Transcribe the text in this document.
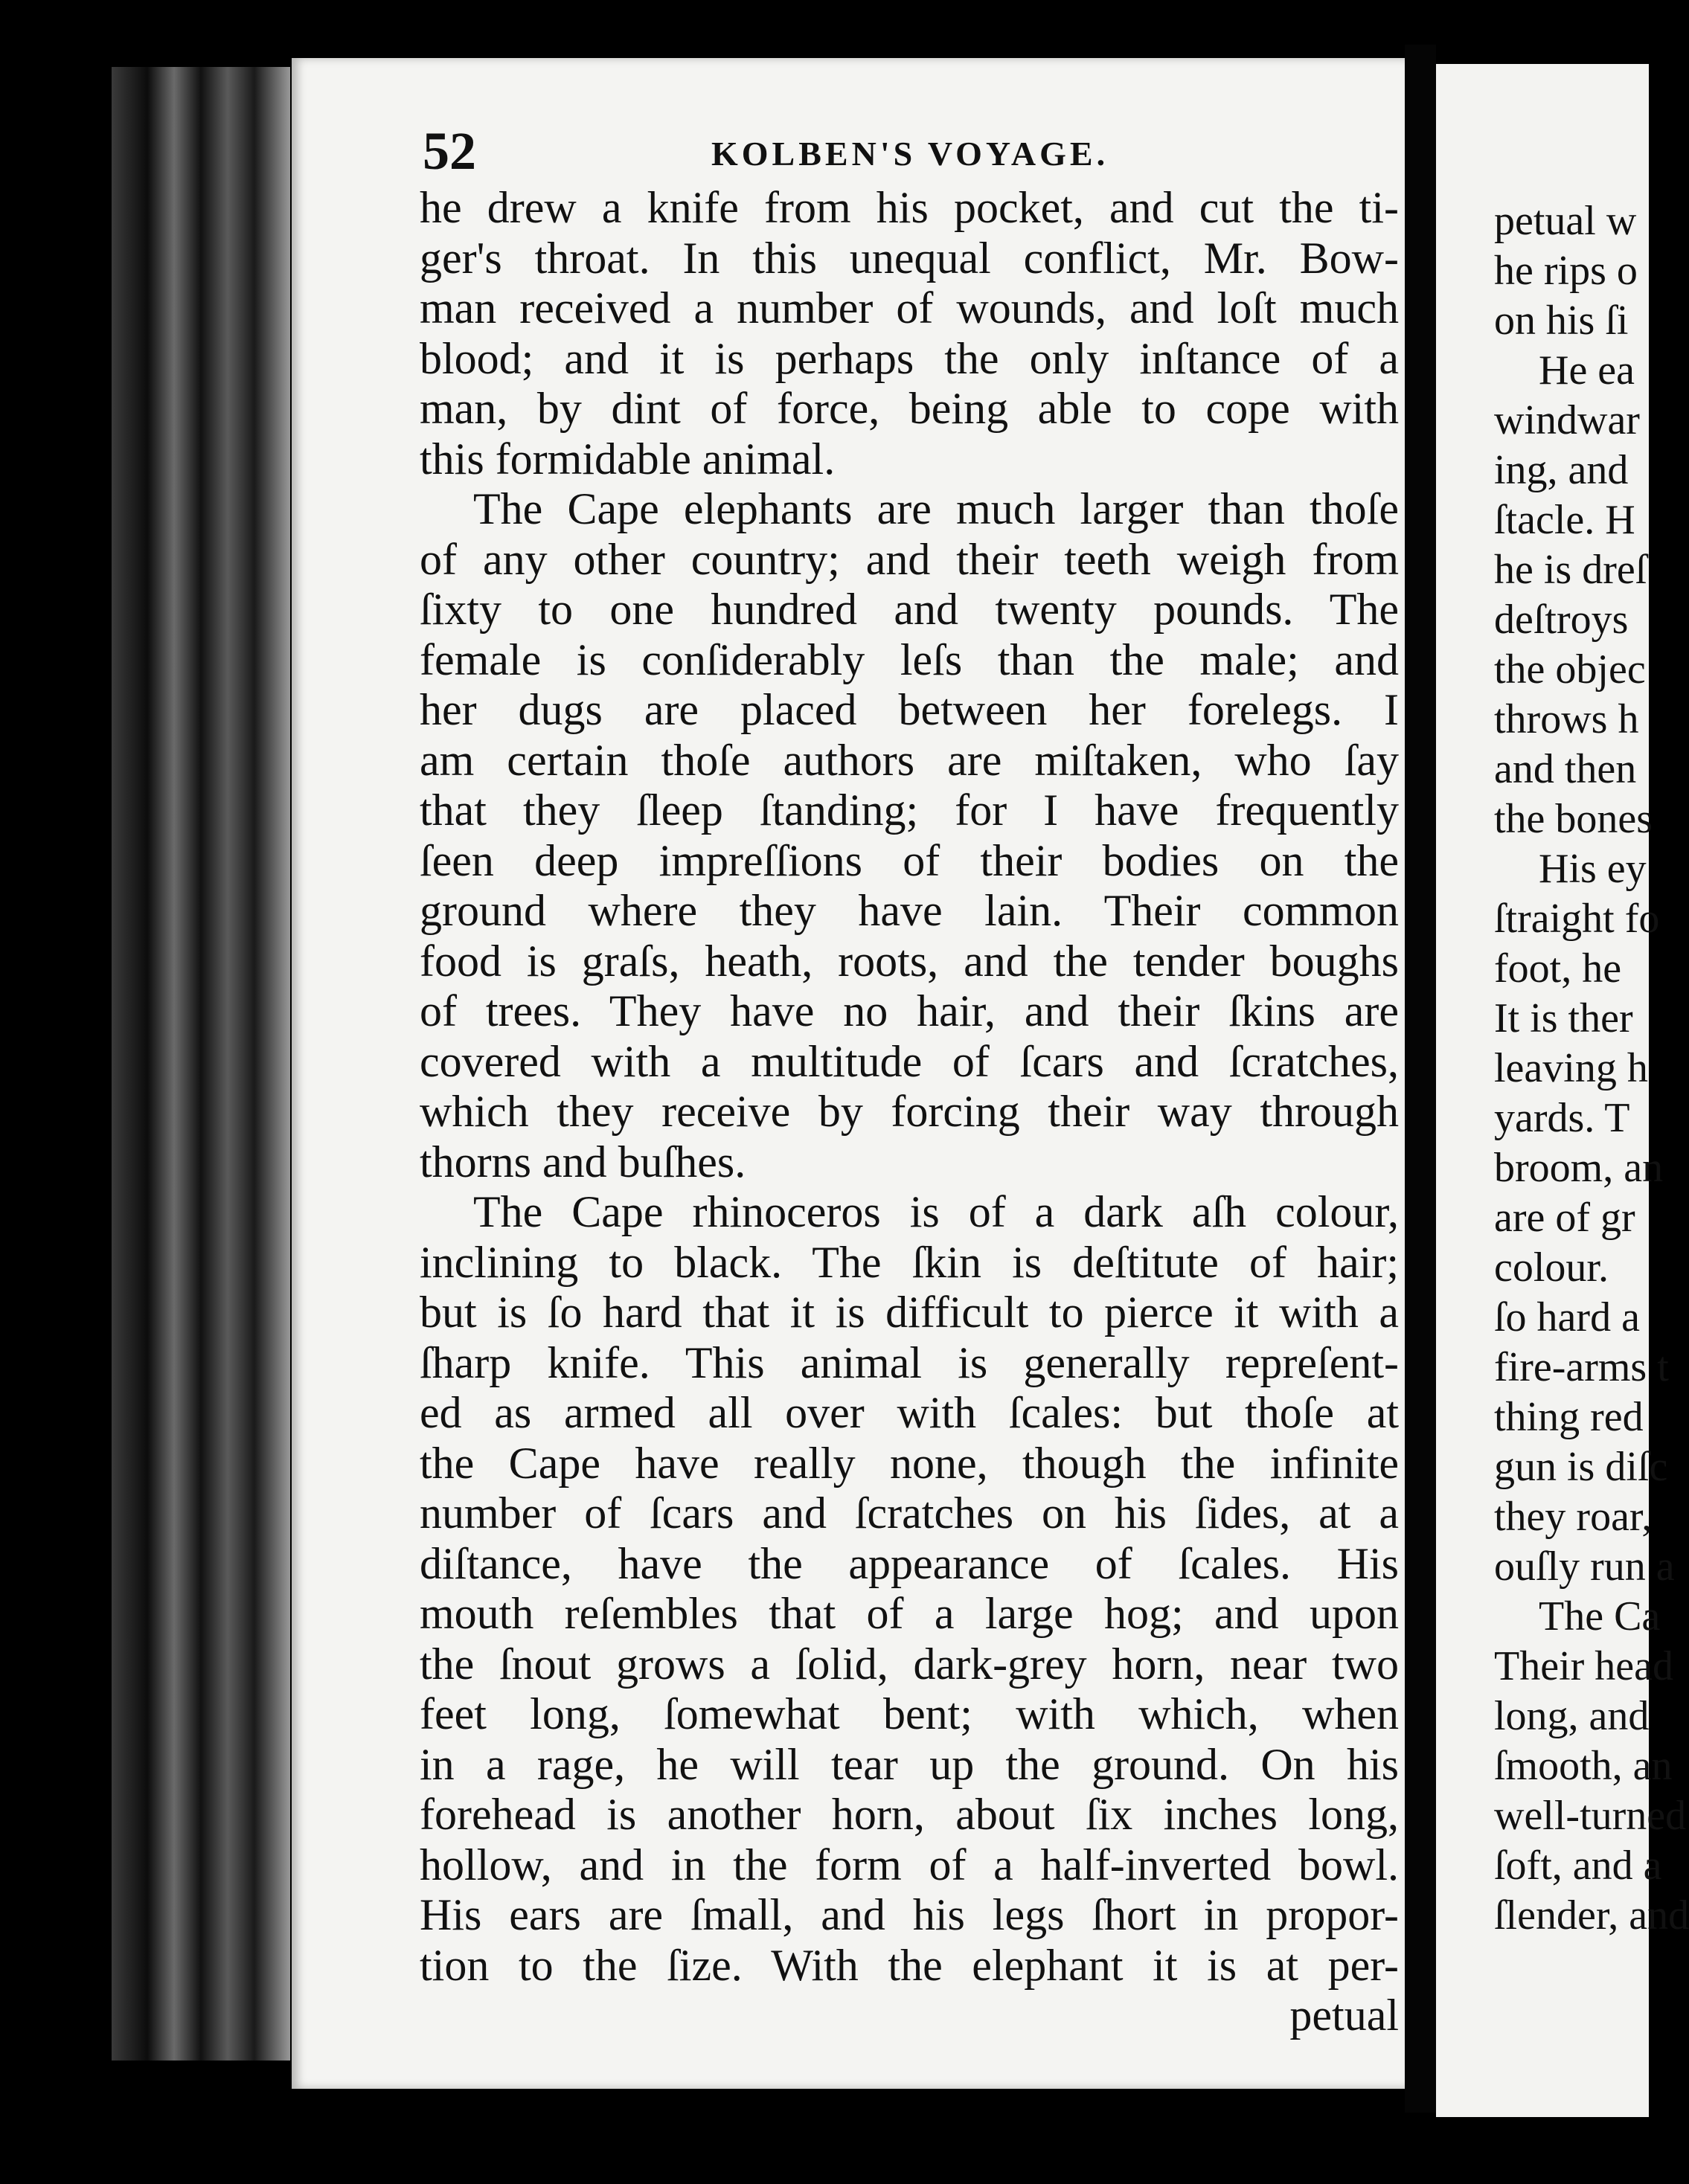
52	KOLBEN'S VOYAGE.
he drew a knife from his pocket, and cut the ti-
ger's throat. In this unequal conflict, Mr. Bow-
man received a number of wounds, and loſt much
blood; and it is perhaps the only inſtance of a
man, by dint of force, being able to cope with
this formidable animal.
The Cape elephants are much larger than thoſe
of any other country; and their teeth weigh from
ſixty to one hundred and twenty pounds. The
female is conſiderably leſs than the male; and
her dugs are placed between her forelegs. I
am certain thoſe authors are miſtaken, who ſay
that they ſleep ſtanding; for I have frequently
ſeen deep impreſſions of their bodies on the
ground where they have lain. Their common
food is graſs, heath, roots, and the tender boughs
of trees. They have no hair, and their ſkins are
covered with a multitude of ſcars and ſcratches,
which they receive by forcing their way through
thorns and buſhes.
The Cape rhinoceros is of a dark aſh colour,
inclining to black. The ſkin is deſtitute of hair;
but is ſo hard that it is difficult to pierce it with a
ſharp knife. This animal is generally repreſent-
ed as armed all over with ſcales: but thoſe at
the Cape have really none, though the infinite
number of ſcars and ſcratches on his ſides, at a
diſtance, have the appearance of ſcales. His
mouth reſembles that of a large hog; and upon
the ſnout grows a ſolid, dark-grey horn, near two
feet long, ſomewhat bent; with which, when
in a rage, he will tear up the ground. On his
forehead is another horn, about ſix inches long,
hollow, and in the form of a half-inverted bowl.
His ears are ſmall, and his legs ſhort in propor-
tion to the ſize. With the elephant it is at per-
petual
petual w
he rips o
on his ſi
He ea
windwar
ing, and
ſtacle. H
he is dreſ
deſtroys
the objec
throws h
and then
the bones
His ey
ſtraight fo
foot, he
It is ther
leaving h
yards. T
broom, an
are of gr
colour.
ſo hard a
fire-arms t
thing red
gun is diſc
they roar,
ouſly run a
The Ca
Their head
long, and
ſmooth, an
well-turned
ſoft, and a
ſlender, and
